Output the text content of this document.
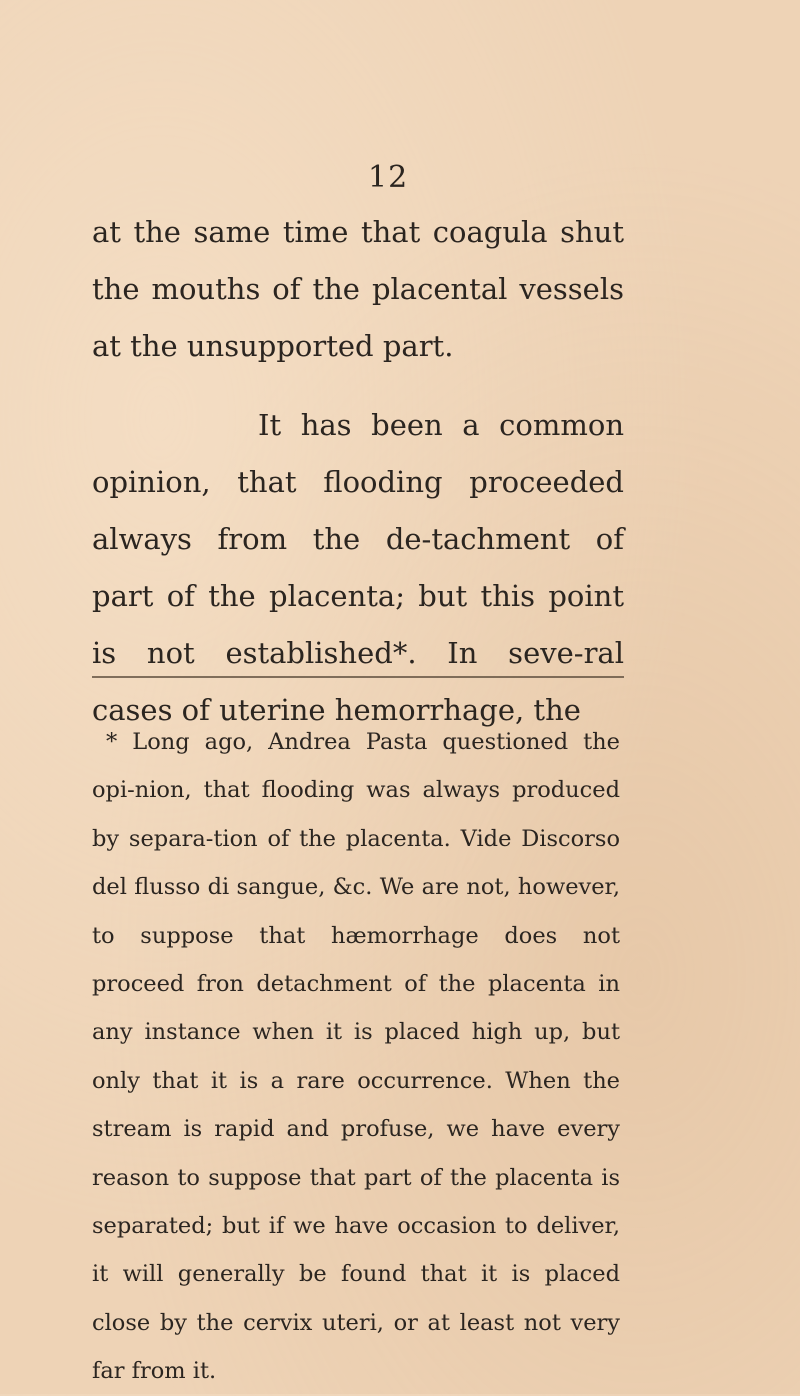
12

at the same time that coagula shut the mouths of the placental vessels at the unsupported part.

It has been a common opinion, that flooding proceeded always from the de-tachment of part of the placenta; but this point is not established*. In seve-ral cases of uterine hemorrhage, the

* Long ago, Andrea Pasta questioned the opi-nion, that flooding was always produced by separa-tion of the placenta. Vide Discorso del flusso di sangue, &c. We are not, however, to suppose that hæmorrhage does not proceed fron detachment of the placenta in any instance when it is placed high up, but only that it is a rare occurrence. When the stream is rapid and profuse, we have every reason to suppose that part of the placenta is separated; but if we have occasion to deliver, it will generally be found that it is placed close by the cervix uteri, or at least not very far from it.
